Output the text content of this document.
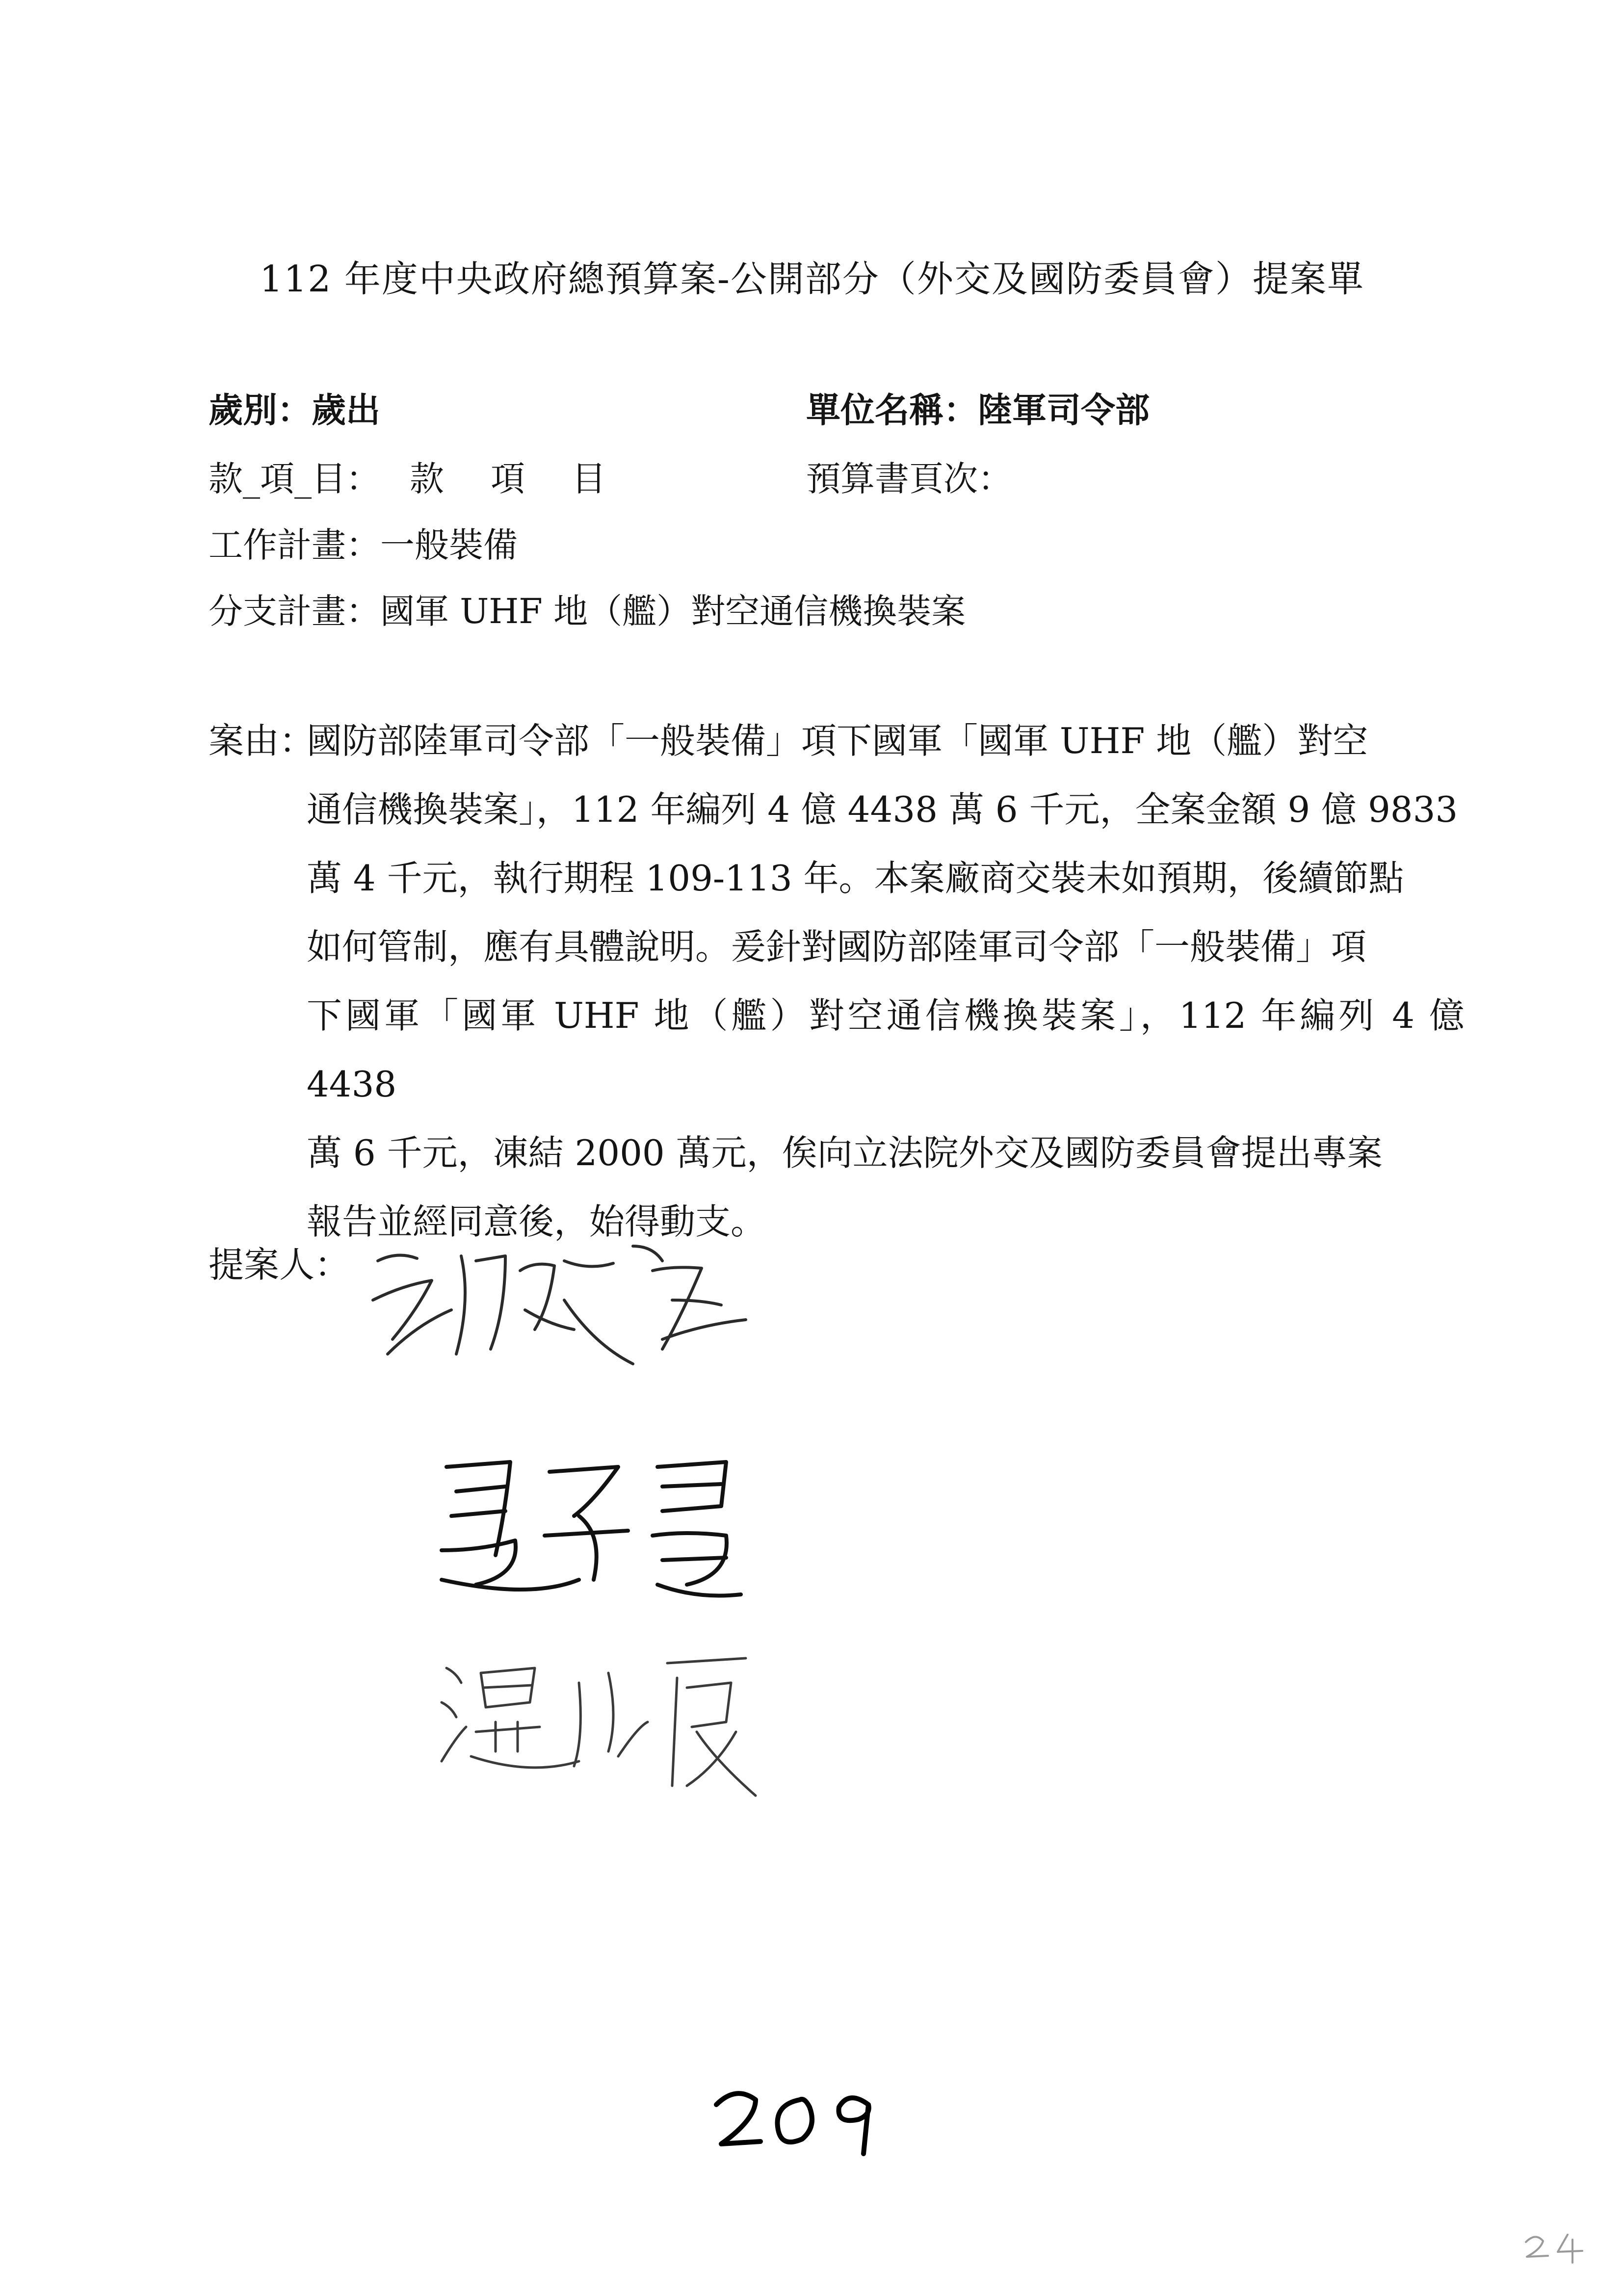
112 年度中央政府總預算案-公開部分（外交及國防委員會）提案單
歲別：歲出	單位名稱：陸軍司令部
款_項_目： 款 項 目	預算書頁次：
工作計畫：一般裝備
分支計畫：國軍 UHF 地（艦）對空通信機換裝案
案由：
國防部陸軍司令部「一般裝備」項下國軍「國軍 UHF 地（艦）對空
通信機換裝案」，112 年編列 4 億 4438 萬 6 千元，全案金額 9 億 9833
萬 4 千元，執行期程 109-113 年。本案廠商交裝未如預期，後續節點
如何管制，應有具體說明。爰針對國防部陸軍司令部「一般裝備」項
下國軍「國軍 UHF 地（艦）對空通信機換裝案」，112 年編列 4 億 4438
萬 6 千元，凍結 2000 萬元，俟向立法院外交及國防委員會提出專案
報告並經同意後，始得動支。
提案人：
